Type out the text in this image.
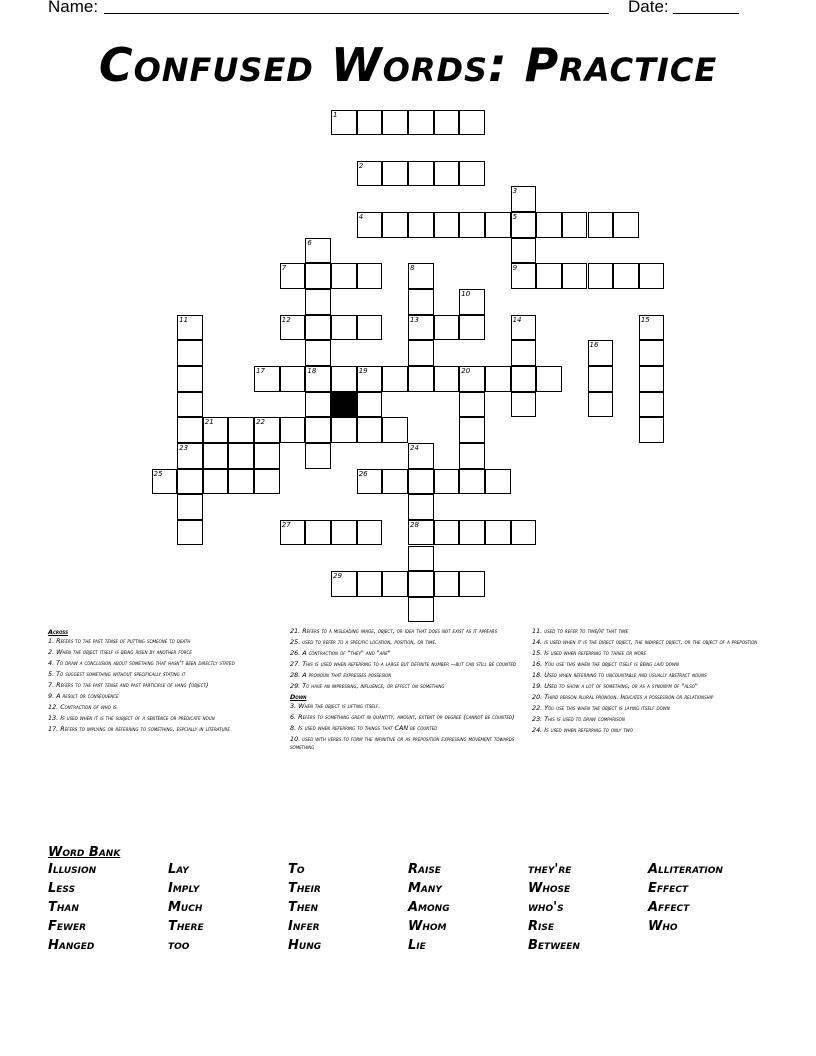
Name:	Date:
Confused Words: Practice
1
2
3
5
4
6
18
7	8
13
9
10
11
23
12	14	15
16
17	19	20
21	22
24
28
25	26
27
29
Across
1. Refers to the past tense of putting someone to death
2. When the object itself is being risen by another force
4. To draw a conclusion about something that hasn't been directly stated
5. To suggest something without specifically stating it
7. Refers to the past tense and past participle of hang (object)
9. A result or consequence
12. Contraction of who is
13. Is used when it is the subject of a sentence or predicate noun
17. Refers to implying or referring to something, espcially in literature
21. Refers to a misleading image, object, or idea that does not exist as it appears
25. used to refer to a specific location, position, or time.
26. A contraction of "they" and "are"
27. This is used when referring to a large but definite number --but can still be counted
28. A pronoun that expresses possesion
29. To have an impressing, influence, or effect on something
Down
3. When the object is lifting itself.
6. Refers to something great in quantity, amount, extent or degree (cannot be counted)
8. Is used when referring to things that CAN be counted
10. used with verbs to form the infinitive or as preposition expressing movement towards something
11. used to refer to time/at that time
14. is used when it is the direct object, the indirect object, or the object of a prepostion
15. Is used when referring to three or more
16. You use this when the object itself is being laid down
18. Used when referring to uncountable and usually abstract nouns
19. Used to show a lot of something, or as a synonym of "also"
20. Third person plural pronoun. Indicates a possession or relationship
22. You use this when the object is laying itself down
23. This is used to draw comparison
24. Is used when referring to only two
Word Bank
Illusion
Less
Than
Fewer
Hanged
Lay
Imply
Much
There
too
To
Their
Then
Infer
Hung
Raise
Many
Among
Whom
Lie
they're
Whose
who's
Rise
Between
Alliteration
Effect
Affect
Who
